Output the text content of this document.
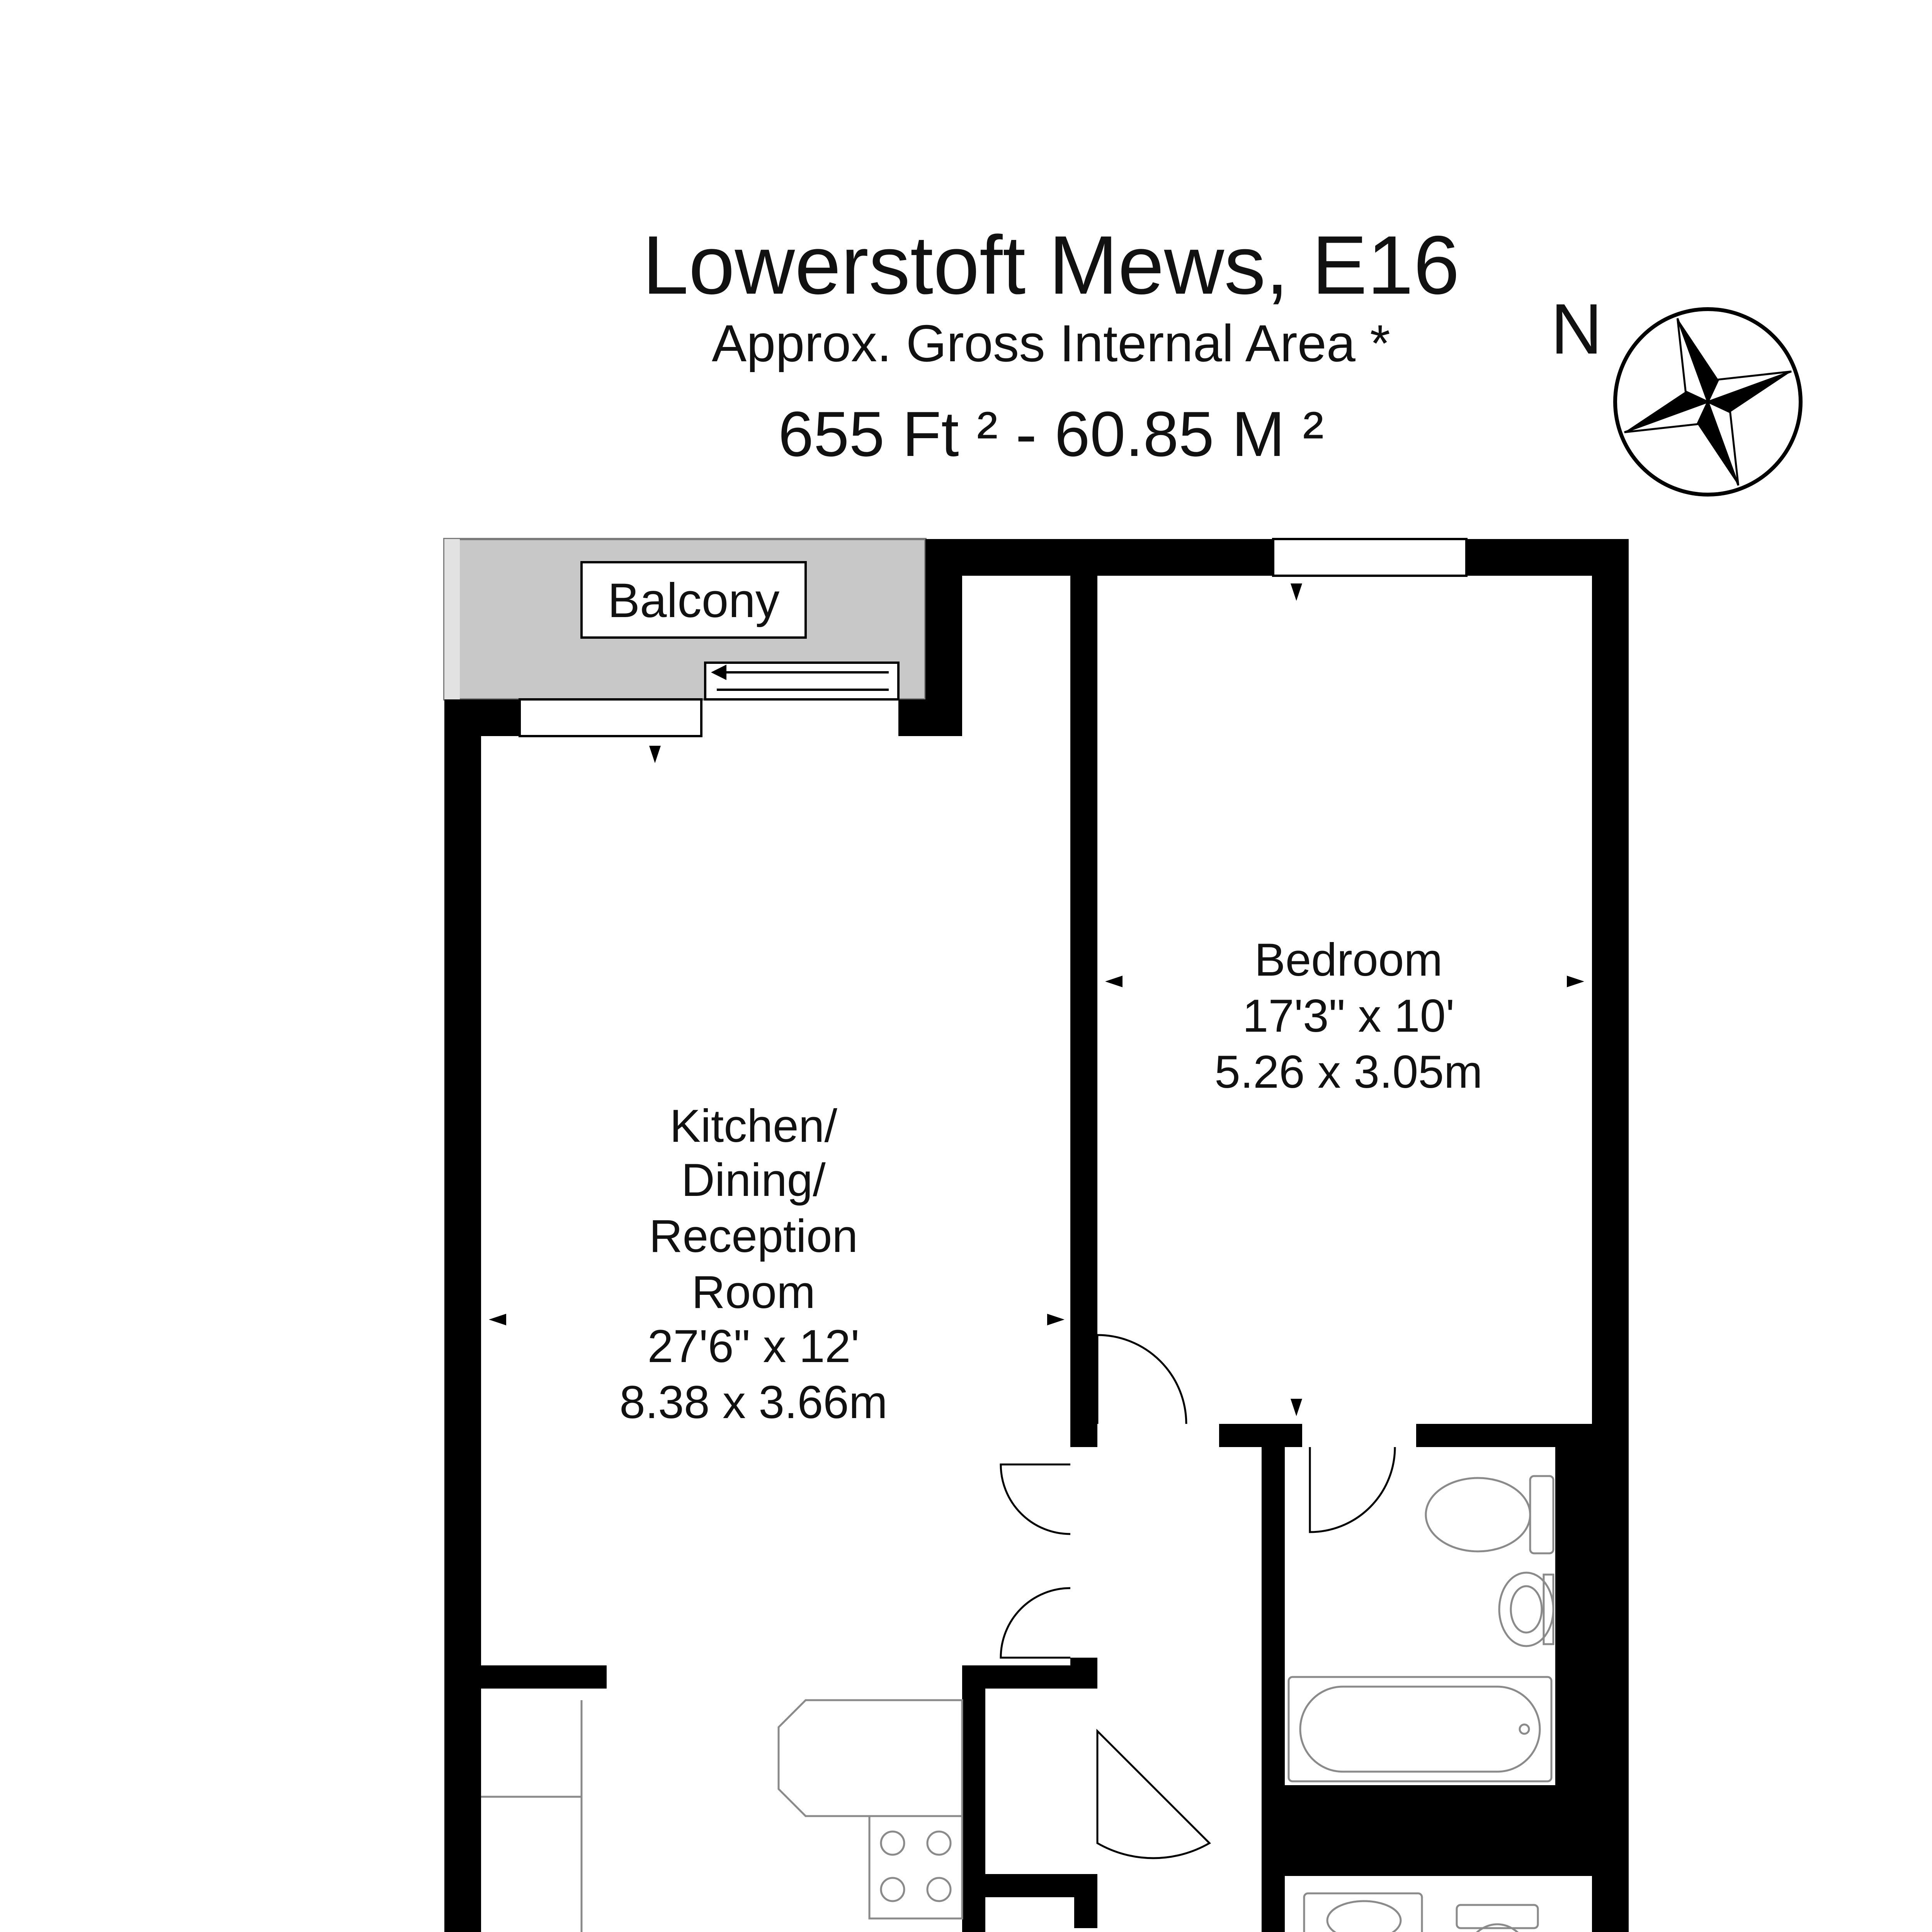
Lowerstoft Mews, E16
Approx. Gross Internal Area *
655 Ft ² - 60.85 M ²
N
Balcony
Bedroom
17'3" x 10'
5.26 x 3.05m
Kitchen/
Dining/
Reception
Room
27'6" x 12'
8.38 x 3.66m
